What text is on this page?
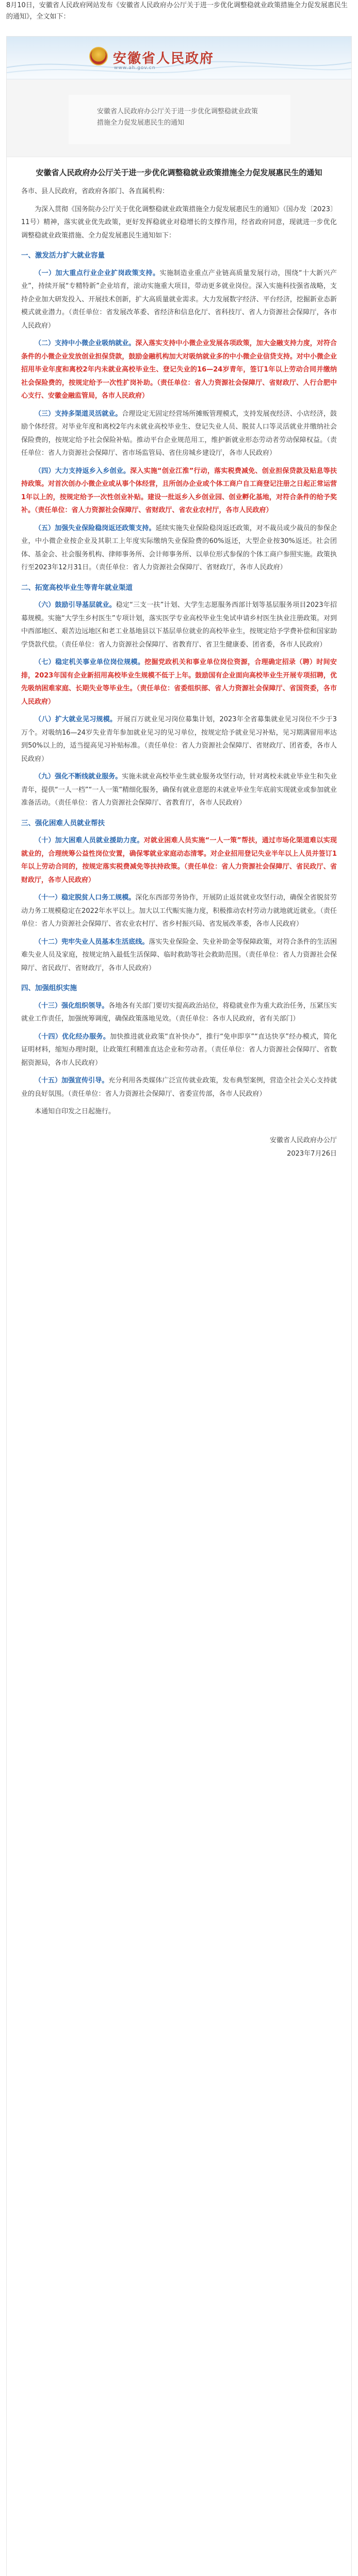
8月10日，安徽省人民政府网站发布《安徽省人民政府办公厅关于进一步优化调整稳就业政策措施全力促发展惠民生的通知》，全文如下：
安徽省人民政府
www.ah.gov.cn
安徽省人民政府办公厅关于进一步优化调整稳就业政策措施全力促发展惠民生的通知
安徽省人民政府办公厅关于进一步优化调整稳就业政策措施全力促发展惠民生的通知

各市、县人民政府，省政府各部门、各直属机构：

为深入贯彻《国务院办公厅关于优化调整稳就业政策措施全力促发展惠民生的通知》（国办发〔2023〕11号）精神，落实就业优先政策，更好发挥稳就业对稳增长的支撑作用，经省政府同意，现就进一步优化调整稳就业政策措施、全力促发展惠民生通知如下：

一、激发活力扩大就业容量

（一）加大重点行业企业扩岗政策支持。实施制造业重点产业链高质量发展行动，围绕“十大新兴产业”，持续开展“专精特新”企业培育，滚动实施重大项目，带动更多就业岗位。深入实施科技强省战略，支持企业加大研发投入、开展技术创新，扩大高质量就业需求。大力发展数字经济、平台经济，挖掘新业态新模式就业潜力。（责任单位：省发展改革委、省经济和信息化厅、省科技厅、省人力资源社会保障厅，各市人民政府）

（二）支持中小微企业吸纳就业。深入落实支持中小微企业发展各项政策，加大金融支持力度，对符合条件的小微企业发放创业担保贷款，鼓励金融机构加大对吸纳就业多的中小微企业信贷支持。对中小微企业招用毕业年度和离校2年内未就业高校毕业生、登记失业的16—24岁青年，签订1年以上劳动合同并缴纳社会保险费的，按规定给予一次性扩岗补助。（责任单位：省人力资源社会保障厅、省财政厅、人行合肥中心支行、安徽金融监管局，各市人民政府）

（三）支持多渠道灵活就业。合理设定无固定经营场所摊贩管理模式，支持发展夜经济、小店经济，鼓励个体经营。对毕业年度和离校2年内未就业高校毕业生、登记失业人员、脱贫人口等灵活就业并缴纳社会保险费的，按规定给予社会保险补贴。推动平台企业规范用工，维护新就业形态劳动者劳动保障权益。（责任单位：省人力资源社会保障厅、省市场监管局、省住房城乡建设厅，各市人民政府）

（四）大力支持返乡入乡创业。深入实施“创业江淮”行动，落实税费减免、创业担保贷款及贴息等扶持政策。对首次创办小微企业或从事个体经营，且所创办企业或个体工商户自工商登记注册之日起正常运营1年以上的，按规定给予一次性创业补贴。建设一批返乡入乡创业园、创业孵化基地，对符合条件的给予奖补。（责任单位：省人力资源社会保障厅、省财政厅、省农业农村厅，各市人民政府）

（五）加强失业保险稳岗返还政策支持。延续实施失业保险稳岗返还政策，对不裁员或少裁员的参保企业，中小微企业按企业及其职工上年度实际缴纳失业保险费的60%返还，大型企业按30%返还。社会团体、基金会、社会服务机构、律师事务所、会计师事务所、以单位形式参保的个体工商户参照实施。政策执行至2023年12月31日。（责任单位：省人力资源社会保障厅、省财政厅，各市人民政府）

二、拓宽高校毕业生等青年就业渠道

（六）鼓励引导基层就业。稳定“三支一扶”计划、大学生志愿服务西部计划等基层服务项目2023年招募规模。实施“大学生乡村医生”专项计划，落实医学专业高校毕业生免试申请乡村医生执业注册政策。对到中西部地区、艰苦边远地区和老工业基地县以下基层单位就业的高校毕业生，按规定给予学费补偿和国家助学贷款代偿。（责任单位：省人力资源社会保障厅、省教育厅、省卫生健康委、团省委，各市人民政府）

（七）稳定机关事业单位岗位规模。挖掘党政机关和事业单位岗位资源，合理确定招录（聘）时间安排，2023年国有企业新招用高校毕业生规模不低于上年。鼓励国有企业面向高校毕业生开展专项招聘，优先吸纳困难家庭、长期失业等毕业生。（责任单位：省委组织部、省人力资源社会保障厅、省国资委，各市人民政府）

（八）扩大就业见习规模。开展百万就业见习岗位募集计划，2023年全省募集就业见习岗位不少于3万个。对吸纳16—24岁失业青年参加就业见习的见习单位，按规定给予就业见习补贴，见习期满留用率达到50%以上的，适当提高见习补贴标准。（责任单位：省人力资源社会保障厅、省财政厅、团省委，各市人民政府）

（九）强化不断线就业服务。实施未就业高校毕业生就业服务攻坚行动，针对离校未就业毕业生和失业青年，提供“一人一档”“一人一策”精细化服务，确保有就业意愿的未就业毕业生年底前实现就业或参加就业准备活动。（责任单位：省人力资源社会保障厅、省教育厅，各市人民政府）

三、强化困难人员就业帮扶

（十）加大困难人员就业援助力度。对就业困难人员实施“一人一策”帮扶，通过市场化渠道难以实现就业的，合理统筹公益性岗位安置，确保零就业家庭动态清零。对企业招用登记失业半年以上人员并签订1年以上劳动合同的，按规定落实税费减免等扶持政策。（责任单位：省人力资源社会保障厅、省民政厅、省财政厅，各市人民政府）

（十一）稳定脱贫人口务工规模。深化东西部劳务协作，开展防止返贫就业攻坚行动，确保全省脱贫劳动力务工规模稳定在2022年水平以上。加大以工代赈实施力度，积极推动农村劳动力就地就近就业。（责任单位：省人力资源社会保障厅、省农业农村厅、省乡村振兴局、省发展改革委，各市人民政府）

（十二）兜牢失业人员基本生活底线。落实失业保险金、失业补助金等保障政策，对符合条件的生活困难失业人员及家庭，按规定纳入最低生活保障、临时救助等社会救助范围。（责任单位：省人力资源社会保障厅、省民政厅、省财政厅，各市人民政府）

四、加强组织实施

（十三）强化组织领导。各地各有关部门要切实提高政治站位，将稳就业作为重大政治任务，压紧压实就业工作责任，加强统筹调度，确保政策落地见效。（责任单位：各市人民政府，省有关部门）

（十四）优化经办服务。加快推进就业政策“直补快办”，推行“免申即享”“直达快享”经办模式，简化证明材料，缩短办理时限，让政策红利精准直达企业和劳动者。（责任单位：省人力资源社会保障厅、省数据资源局，各市人民政府）

（十五）加强宣传引导。充分利用各类媒体广泛宣传就业政策，发布典型案例，营造全社会关心支持就业的良好氛围。（责任单位：省人力资源社会保障厅、省委宣传部，各市人民政府）

本通知自印发之日起施行。

安徽省人民政府办公厅
2023年7月26日
